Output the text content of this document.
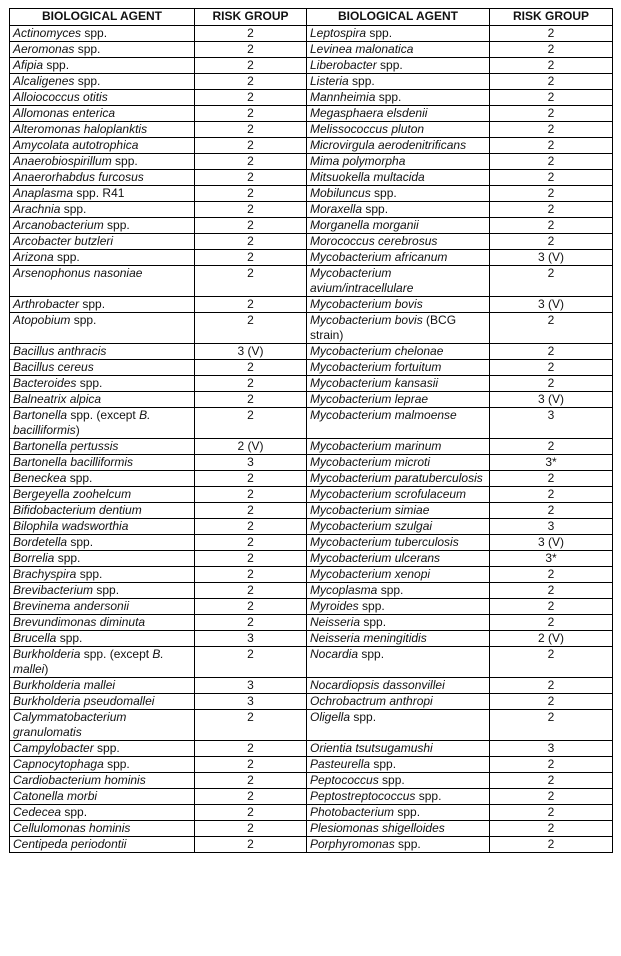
BIOLOGICAL AGENT	RISK GROUP	BIOLOGICAL AGENT	RISK GROUP
Actinomyces spp.	2	Leptospira spp.	2
Aeromonas spp.	2	Levinea malonatica	2
Afipia spp.	2	Liberobacter spp.	2
Alcaligenes spp.	2	Listeria spp.	2
Alloiococcus otitis	2	Mannheimia spp.	2
Allomonas enterica	2	Megasphaera elsdenii	2
Alteromonas haloplanktis	2	Melissococcus pluton	2
Amycolata autotrophica	2	Microvirgula aerodenitrificans	2
Anaerobiospirillum spp.	2	Mima polymorpha	2
Anaerorhabdus furcosus	2	Mitsuokella multacida	2
Anaplasma spp. R41	2	Mobiluncus spp.	2
Arachnia spp.	2	Moraxella spp.	2
Arcanobacterium spp.	2	Morganella morganii	2
Arcobacter butzleri	2	Morococcus cerebrosus	2
Arizona spp.	2	Mycobacterium africanum	3 (V)
Arsenophonus nasoniae	2	Mycobacterium avium/intracellulare	2
Arthrobacter spp.	2	Mycobacterium bovis	3 (V)
Atopobium spp.	2	Mycobacterium bovis (BCG strain)	2
Bacillus anthracis	3 (V)	Mycobacterium chelonae	2
Bacillus cereus	2	Mycobacterium fortuitum	2
Bacteroides spp.	2	Mycobacterium kansasii	2
Balneatrix alpica	2	Mycobacterium leprae	3 (V)
Bartonella spp. (except B. bacilliformis)	2	Mycobacterium malmoense	3
Bartonella pertussis	2 (V)	Mycobacterium marinum	2
Bartonella bacilliformis	3	Mycobacterium microti	3*
Beneckea spp.	2	Mycobacterium paratuberculosis	2
Bergeyella zoohelcum	2	Mycobacterium scrofulaceum	2
Bifidobacterium dentium	2	Mycobacterium simiae	2
Bilophila wadsworthia	2	Mycobacterium szulgai	3
Bordetella spp.	2	Mycobacterium tuberculosis	3 (V)
Borrelia spp.	2	Mycobacterium ulcerans	3*
Brachyspira spp.	2	Mycobacterium xenopi	2
Brevibacterium spp.	2	Mycoplasma spp.	2
Brevinema andersonii	2	Myroides spp.	2
Brevundimonas diminuta	2	Neisseria spp.	2
Brucella spp.	3	Neisseria meningitidis	2 (V)
Burkholderia spp. (except B. mallei)	2	Nocardia spp.	2
Burkholderia mallei	3	Nocardiopsis dassonvillei	2
Burkholderia pseudomallei	3	Ochrobactrum anthropi	2
Calymmatobacterium granulomatis	2	Oligella spp.	2
Campylobacter spp.	2	Orientia tsutsugamushi	3
Capnocytophaga spp.	2	Pasteurella spp.	2
Cardiobacterium hominis	2	Peptococcus spp.	2
Catonella morbi	2	Peptostreptococcus spp.	2
Cedecea spp.	2	Photobacterium spp.	2
Cellulomonas hominis	2	Plesiomonas shigelloides	2
Centipeda periodontii	2	Porphyromonas spp.	2
